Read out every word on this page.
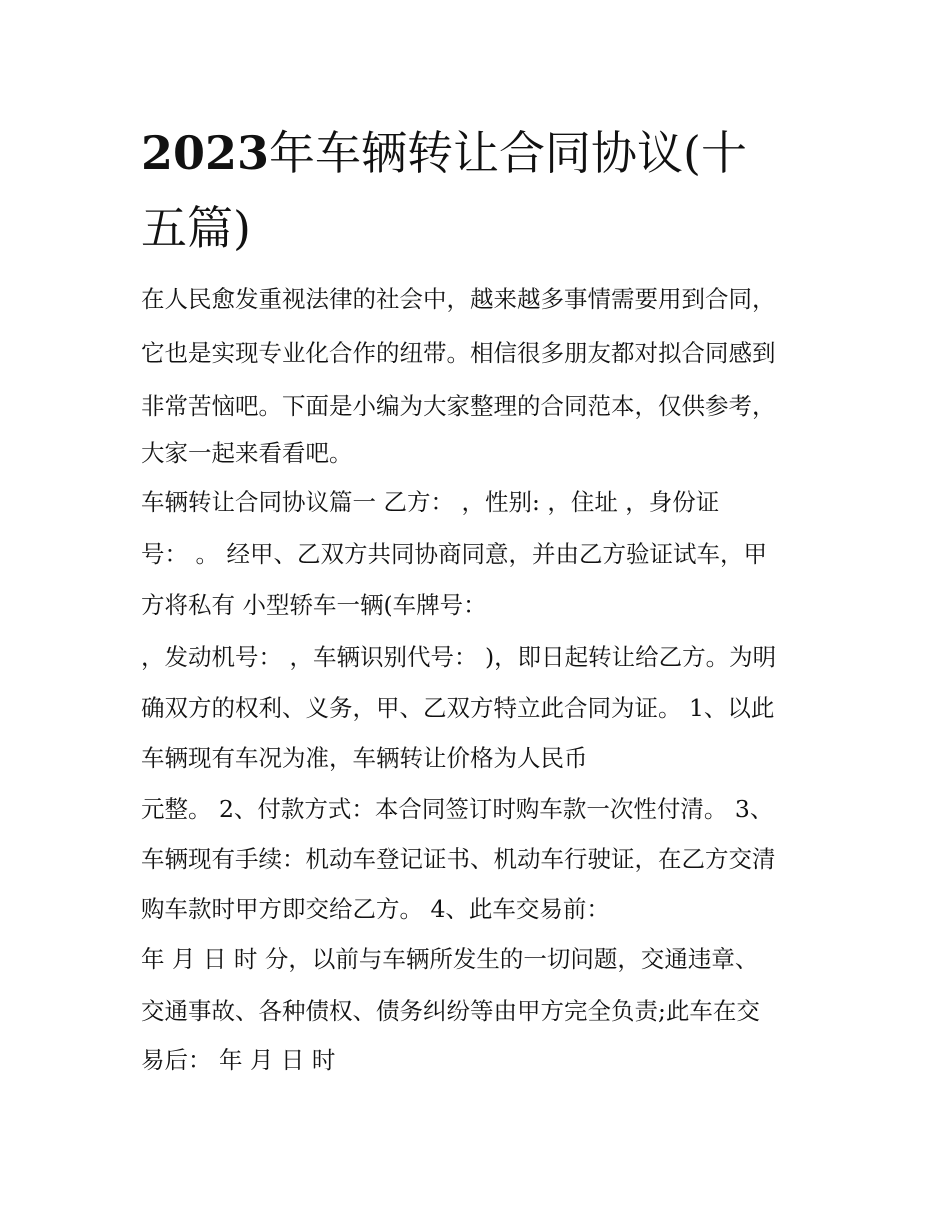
2023年车辆转让合同协议(十
五篇)

在人民愈发重视法律的社会中，越来越多事情需要用到合同，

它也是实现专业化合作的纽带。相信很多朋友都对拟合同感到

非常苦恼吧。下面是小编为大家整理的合同范本，仅供参考，

大家一起来看看吧。

车辆转让合同协议篇一 乙方： ，性别: ，住址 ，身份证

号： 。 经甲、乙双方共同协商同意，并由乙方验证试车，甲

方将私有 小型轿车一辆(车牌号：

，发动机号： ，车辆识别代号： )，即日起转让给乙方。为明

确双方的权利、义务，甲、乙双方特立此合同为证。 1、以此

车辆现有车况为准，车辆转让价格为人民币

元整。 2、付款方式：本合同签订时购车款一次性付清。 3、

车辆现有手续：机动车登记证书、机动车行驶证，在乙方交清

购车款时甲方即交给乙方。 4、此车交易前：

年 月 日 时 分，以前与车辆所发生的一切问题，交通违章、

交通事故、各种债权、债务纠纷等由甲方完全负责;此车在交

易后： 年 月 日 时
